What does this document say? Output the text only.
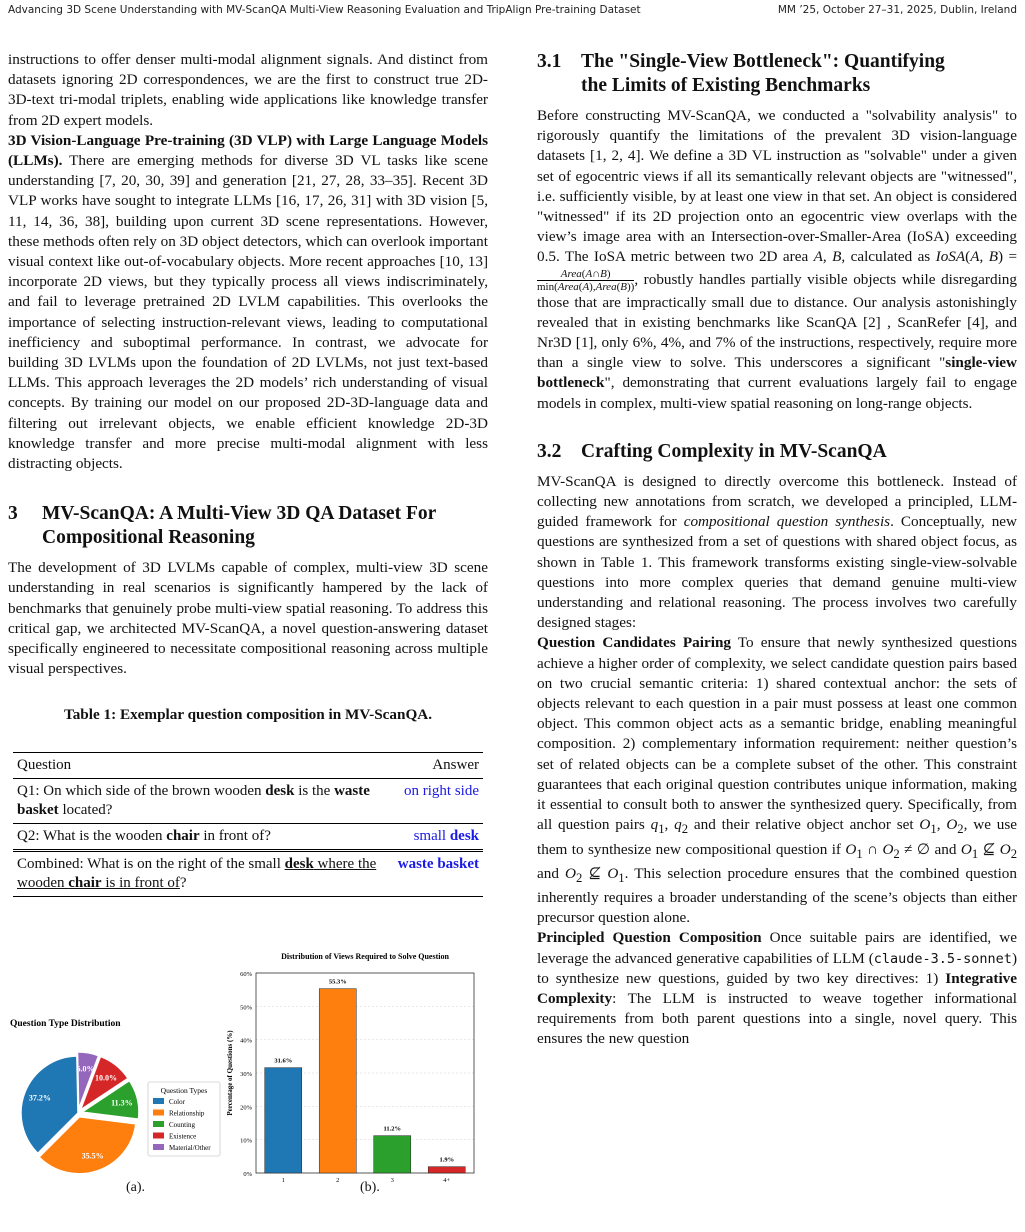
Advancing 3D Scene Understanding with MV-ScanQA Multi-View Reasoning Evaluation and TripAlign Pre-training Dataset	MM ’25, October 27–31, 2025, Dublin, Ireland

instructions to offer denser multi-modal alignment signals. And distinct from datasets ignoring 2D correspondences, we are the first to construct true 2D-3D-text tri-modal triplets, enabling wide applications like knowledge transfer from 2D expert models.

3D Vision-Language Pre-training (3D VLP) with Large Language Models (LLMs). There are emerging methods for diverse 3D VL tasks like scene understanding [7, 20, 30, 39] and generation [21, 27, 28, 33–35]. Recent 3D VLP works have sought to integrate LLMs [16, 17, 26, 31] with 3D vision [5, 11, 14, 36, 38], building upon current 3D scene representations. However, these methods often rely on 3D object detectors, which can overlook important visual context like out-of-vocabulary objects. More recent approaches [10, 13] incorporate 2D views, but they typically process all views indiscriminately, and fail to leverage pretrained 2D LVLM capabilities. This overlooks the importance of selecting instruction-relevant views, leading to computational inefficiency and suboptimal performance. In contrast, we advocate for building 3D LVLMs upon the foundation of 2D LVLMs, not just text-based LLMs. This approach leverages the 2D models’ rich understanding of visual concepts. By training our model on our proposed 2D-3D-language data and filtering out irrelevant objects, we enable efficient knowledge 2D-3D knowledge transfer and more precise multi-modal alignment with less distracting objects.

3 MV-ScanQA: A Multi-View 3D QA Dataset For
Compositional Reasoning

The development of 3D LVLMs capable of complex, multi-view 3D scene understanding in real scenarios is significantly hampered by the lack of benchmarks that genuinely probe multi-view spatial reasoning. To address this critical gap, we architected MV-ScanQA, a novel question-answering dataset specifically engineered to necessitate compositional reasoning across multiple visual perspectives.

Table 1: Exemplar question composition in MV-ScanQA.

Question	Answer
Q1: On which side of the brown wooden desk is the waste basket located?	on right side
Q2: What is the wooden chair in front of?	small desk
Combined: What is on the right of the small desk where the wooden chair is in front of?	waste basket
Question Type Distribution
37.2%
35.5%
11.3%
10.0%
6.0%
Question Types
Color
Relationship
Counting
Existence
Material/Other
Distribution of Views Required to Solve Question
0%
10%
20%
30%
40%
50%
60%
31.6%
1
55.3%
2
11.2%
3
1.9%
4+
Percentage of Questions (%)
(a).	(b).
3.1 The "Single-View Bottleneck": Quantifying
the Limits of Existing Benchmarks

Before constructing MV-ScanQA, we conducted a "solvability analysis" to rigorously quantify the limitations of the prevalent 3D vision-language datasets [1, 2, 4]. We define a 3D VL instruction as "solvable" under a given set of egocentric views if all its semantically relevant objects are "witnessed", i.e. sufficiently visible, by at least one view in that set. An object is considered "witnessed" if its 2D projection onto an egocentric view overlaps with the view’s image area with an Intersection-over-Smaller-Area (IoSA) exceeding 0.5. The IoSA metric between two 2D area A, B, calculated as IoSA(A, B) =
Area(A∩B)
min(Area(A),Area(B)) , robustly handles partially visible objects while disregarding those that are impractically small due to distance. Our analysis astonishingly revealed that in existing benchmarks like ScanQA [2] , ScanRefer [4], and Nr3D [1], only 6%, 4%, and 7% of the instructions, respectively, require more than a single view to solve. This underscores a significant "single-view bottleneck", demonstrating that current evaluations largely fail to engage models in complex, multi-view spatial reasoning on long-range objects.

3.2 Crafting Complexity in MV-ScanQA

MV-ScanQA is designed to directly overcome this bottleneck. Instead of collecting new annotations from scratch, we developed a principled, LLM-guided framework for compositional question synthesis. Conceptually, new questions are synthesized from a set of questions with shared object focus, as shown in Table 1. This framework transforms existing single-view-solvable questions into more complex queries that demand genuine multi-view understanding and relational reasoning. The process involves two carefully designed stages:

Question Candidates Pairing To ensure that newly synthesized questions achieve a higher order of complexity, we select candidate question pairs based on two crucial semantic criteria: 1) shared contextual anchor: the sets of objects relevant to each question in a pair must possess at least one common object. This common object acts as a semantic bridge, enabling meaningful composition. 2) complementary information requirement: neither question’s set of related objects can be a complete subset of the other. This constraint guarantees that each original question contributes unique information, making it essential to consult both to answer the synthesized query. Specifically, from all question pairs $q_1$, $q_2$ and their relative object anchor set $O_1$, $O_2$, we use them to synthesize new compositional question if $O_1$ ∩ $O_2$ ≠ ∅ and $O_1$ ⊈ $O_2$ and $O_2$ ⊈ $O_1$. This selection procedure ensures that the combined question inherently requires a broader understanding of the scene’s objects than either precursor question alone.

Principled Question Composition Once suitable pairs are identified, we leverage the advanced generative capabilities of LLM (claude-3.5-sonnet) to synthesize new questions, guided by two key directives: 1) Integrative Complexity: The LLM is instructed to weave together informational requirements from both parent questions into a single, novel query. This ensures the new question
